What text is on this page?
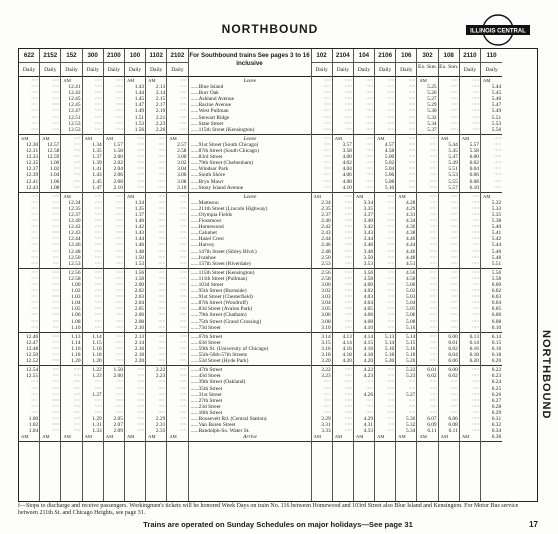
NORTHBOUND	ILLINOIS CENTRAL
NORTHBOUND
622
Daily
‧‧‧‧‧
‧‧‧‧‧
‧‧‧‧‧
‧‧‧‧‧
‧‧‧‧‧
‧‧‧‧‧
‧‧‧‧‧
‧‧‧‧‧
‧‧‧‧‧
AM
12.30
12.31
12.33
12.35
12.37
12.39
12.41
12.43
‧‧‧‧‧
‧‧‧‧‧
‧‧‧‧‧
‧‧‧‧‧
‧‧‧‧‧
‧‧‧‧‧
‧‧‧‧‧
‧‧‧‧‧
‧‧‧‧‧
‧‧‧‧‧
‧‧‧‧‧
‧‧‧‧‧
‧‧‧‧‧
‧‧‧‧‧
‧‧‧‧‧
‧‧‧‧‧
‧‧‧‧‧
‧‧‧‧‧
‧‧‧‧‧
‧‧‧‧‧
‧‧‧‧‧
‧‧‧‧‧
12.46
12.47
12.48
12.50
12.52
12.54
12.55
‧‧‧‧‧
‧‧‧‧‧
‧‧‧‧‧
‧‧‧‧‧
‧‧‧‧‧
‧‧‧‧‧
1.00
1.02
1.04
AM
2152
Daily
‧‧‧‧‧
‧‧‧‧‧
‧‧‧‧‧
‧‧‧‧‧
‧‧‧‧‧
‧‧‧‧‧
‧‧‧‧‧
‧‧‧‧‧
‧‧‧‧‧
AM
12.57
12.58
12.59
1.00
1.02
1.04
1.06
1.08
‧‧‧‧‧
‧‧‧‧‧
‧‧‧‧‧
‧‧‧‧‧
‧‧‧‧‧
‧‧‧‧‧
‧‧‧‧‧
‧‧‧‧‧
‧‧‧‧‧
‧‧‧‧‧
‧‧‧‧‧
‧‧‧‧‧
‧‧‧‧‧
‧‧‧‧‧
‧‧‧‧‧
‧‧‧‧‧
‧‧‧‧‧
‧‧‧‧‧
‧‧‧‧‧
‧‧‧‧‧
‧‧‧‧‧
‧‧‧‧‧
‧‧‧‧‧
‧‧‧‧‧
‧‧‧‧‧
‧‧‧‧‧
‧‧‧‧‧
‧‧‧‧‧
‧‧‧‧‧
‧‧‧‧‧
‧‧‧‧‧
‧‧‧‧‧
‧‧‧‧‧
‧‧‧‧‧
‧‧‧‧‧
‧‧‧‧‧
‧‧‧‧‧
‧‧‧‧‧
AM
152
Daily
AM
12.41
12.42
12.45
12.45
12.47
12.51
12.53
12.53
‧‧‧‧‧
‧‧‧‧‧
‧‧‧‧‧
‧‧‧‧‧
‧‧‧‧‧
‧‧‧‧‧
‧‧‧‧‧
‧‧‧‧‧
‧‧‧‧‧
AM
12.34
12.35
12.37
12.40
12.42
12.43
12.44
12.46
12.48
12.50
12.53
12.56
12.58
1.00
1.02
1.03
1.04
1.05
1.06
1.08
1.10
1.13
1.14
1.16
1.18
1.20
‧‧‧‧‧
‧‧‧‧‧
‧‧‧‧‧
‧‧‧‧‧
‧‧‧‧‧
‧‧‧‧‧
‧‧‧‧‧
‧‧‧‧‧
‧‧‧‧‧
‧‧‧‧‧
‧‧‧‧‧
AM
300
Daily
‧‧‧‧‧
‧‧‧‧‧
‧‧‧‧‧
‧‧‧‧‧
‧‧‧‧‧
‧‧‧‧‧
‧‧‧‧‧
‧‧‧‧‧
‧‧‧‧‧
AM
1.34
1.35
1.37
1.39
1.41
1.43
1.45
1.47
‧‧‧‧‧
‧‧‧‧‧
‧‧‧‧‧
‧‧‧‧‧
‧‧‧‧‧
‧‧‧‧‧
‧‧‧‧‧
‧‧‧‧‧
‧‧‧‧‧
‧‧‧‧‧
‧‧‧‧‧
‧‧‧‧‧
‧‧‧‧‧
‧‧‧‧‧
‧‧‧‧‧
‧‧‧‧‧
‧‧‧‧‧
‧‧‧‧‧
‧‧‧‧‧
‧‧‧‧‧
‧‧‧‧‧
‧‧‧‧‧
1.14
1.15
1.16
1.18
1.20
1.22
1.23
‧‧‧‧‧
‧‧‧‧‧
1.27
‧‧‧‧‧
‧‧‧‧‧
‧‧‧‧‧
1.29
1.31
1.33
AM
2100
Daily
‧‧‧‧‧
‧‧‧‧‧
‧‧‧‧‧
‧‧‧‧‧
‧‧‧‧‧
‧‧‧‧‧
‧‧‧‧‧
‧‧‧‧‧
‧‧‧‧‧
AM
1.57
1.58
2.00
2.02
2.04
2.06
2.08
2.10
‧‧‧‧‧
‧‧‧‧‧
‧‧‧‧‧
‧‧‧‧‧
‧‧‧‧‧
‧‧‧‧‧
‧‧‧‧‧
‧‧‧‧‧
‧‧‧‧‧
‧‧‧‧‧
‧‧‧‧‧
‧‧‧‧‧
‧‧‧‧‧
‧‧‧‧‧
‧‧‧‧‧
‧‧‧‧‧
‧‧‧‧‧
‧‧‧‧‧
‧‧‧‧‧
‧‧‧‧‧
‧‧‧‧‧
‧‧‧‧‧
‧‧‧‧‧
‧‧‧‧‧
‧‧‧‧‧
‧‧‧‧‧
‧‧‧‧‧
1.58
2.00
‧‧‧‧‧
‧‧‧‧‧
‧‧‧‧‧
‧‧‧‧‧
‧‧‧‧‧
‧‧‧‧‧
2.05
2.07
2.09
AM
100
Daily
AM
1.43
1.44
1.45
1.47
1.49
1.51
1.53
1.56
‧‧‧‧‧
‧‧‧‧‧
‧‧‧‧‧
‧‧‧‧‧
‧‧‧‧‧
‧‧‧‧‧
‧‧‧‧‧
‧‧‧‧‧
‧‧‧‧‧
AM
1.34
1.35
1.37
1.40
1.42
1.43
1.44
1.46
1.48
1.50
1.53
1.56
1.58
2.00
2.02
2.03
2.04
2.05
2.06
2.08
2.10
2.13
2.14
2.16
2.18
2.20
‧‧‧‧‧
‧‧‧‧‧
‧‧‧‧‧
‧‧‧‧‧
‧‧‧‧‧
‧‧‧‧‧
‧‧‧‧‧
‧‧‧‧‧
‧‧‧‧‧
‧‧‧‧‧
‧‧‧‧‧
AM
1102
Daily
AM
2.13
2.14
2.15
2.17
2.19
2.21
2.23
2.26
‧‧‧‧‧
‧‧‧‧‧
‧‧‧‧‧
‧‧‧‧‧
‧‧‧‧‧
‧‧‧‧‧
‧‧‧‧‧
‧‧‧‧‧
‧‧‧‧‧
‧‧‧‧‧
‧‧‧‧‧
‧‧‧‧‧
‧‧‧‧‧
‧‧‧‧‧
‧‧‧‧‧
‧‧‧‧‧
‧‧‧‧‧
‧‧‧‧‧
‧‧‧‧‧
‧‧‧‧‧
‧‧‧‧‧
‧‧‧‧‧
‧‧‧‧‧
‧‧‧‧‧
‧‧‧‧‧
‧‧‧‧‧
‧‧‧‧‧
‧‧‧‧‧
‧‧‧‧‧
‧‧‧‧‧
‧‧‧‧‧
‧‧‧‧‧
‧‧‧‧‧
‧‧‧‧‧
‧‧‧‧‧
‧‧‧‧‧
2.22
2.23
‧‧‧‧‧
‧‧‧‧‧
‧‧‧‧‧
‧‧‧‧‧
‧‧‧‧‧
‧‧‧‧‧
2.29
2.31
2.33
AM
2102
Daily
‧‧‧‧‧
‧‧‧‧‧
‧‧‧‧‧
‧‧‧‧‧
‧‧‧‧‧
‧‧‧‧‧
‧‧‧‧‧
‧‧‧‧‧
‧‧‧‧‧
AM
2.57
2.58
3.00
3.02
3.04
3.06
3.08
3.10
‧‧‧‧‧
‧‧‧‧‧
‧‧‧‧‧
‧‧‧‧‧
‧‧‧‧‧
‧‧‧‧‧
‧‧‧‧‧
‧‧‧‧‧
‧‧‧‧‧
‧‧‧‧‧
‧‧‧‧‧
‧‧‧‧‧
‧‧‧‧‧
‧‧‧‧‧
‧‧‧‧‧
‧‧‧‧‧
‧‧‧‧‧
‧‧‧‧‧
‧‧‧‧‧
‧‧‧‧‧
‧‧‧‧‧
‧‧‧‧‧
‧‧‧‧‧
‧‧‧‧‧
‧‧‧‧‧
‧‧‧‧‧
‧‧‧‧‧
‧‧‧‧‧
‧‧‧‧‧
‧‧‧‧‧
‧‧‧‧‧
‧‧‧‧‧
‧‧‧‧‧
‧‧‧‧‧
‧‧‧‧‧
‧‧‧‧‧
‧‧‧‧‧
‧‧‧‧‧
AM
For Southbound trains See pages 3 to 16 inclusive
Leave
......Blue Island
......Burr Oak
......Ashland Avenue
......Racine Avenue
......West Pullman
......Stewart Ridge
......State Street
......115th Street (Kensington)
Leave
......91st Street (South Chicago)
......87th Street (South Chicago)
......83rd Street
......79th Street (Cheltenham)
......Windsor Park
......South Shore
......Bryn Mawr
......Stony Island Avenue
Leave
......Matteson
......211th Street (Lincoln Highway)
......Olympia Fields
......Flossmoor
......Homewood
......Calumet
......Hazel Crest
......Harvey
......147th Street (Sibley Blvd.)
......Ivanhoe
......137th Street (Riverdale)
......115th Street (Kensington)
......111th Street (Pullman)
......103d Street
......95th Street (Burnside)
......91st Street (Chesterfield)
......87th Street (Woodruff)
......83d Street (Avalon Park)
......79th Street (Chatham)
......75th Street (Grand Crossing)
......73d Street
......67th Street
......63d Street
......59th St. (University of Chicago)
......55th-56th-57th Streets
......53d Street (Hyde Park)
......47th Street
......43d Street
......39th Street (Oakland)
......35th Street
......31st Street
......27th Street
......23d Street
......18th Street
......Roosevelt Rd. (Central Station)
......Van Buren Street
......Randolph-So. Water St.
Arrive
102
Daily
‧‧‧‧‧
‧‧‧‧‧
‧‧‧‧‧
‧‧‧‧‧
‧‧‧‧‧
‧‧‧‧‧
‧‧‧‧‧
‧‧‧‧‧
‧‧‧‧‧
‧‧‧‧‧
‧‧‧‧‧
‧‧‧‧‧
‧‧‧‧‧
‧‧‧‧‧
‧‧‧‧‧
‧‧‧‧‧
‧‧‧‧‧
‧‧‧‧‧
AM
2.34
2.35
2.37
2.40
2.42
2.43
2.44
2.46
2.48
2.50
2.53
2.56
2.58
3.00
3.02
3.03
3.04
3.05
3.06
3.08
3.10
3.14
3.15
3.16
3.18
3.20
3.22
3.23
‧‧‧‧‧
‧‧‧‧‧
‧‧‧‧‧
‧‧‧‧‧
‧‧‧‧‧
‧‧‧‧‧
3.29
3.31
3.33
AM
2104
Daily
‧‧‧‧‧
‧‧‧‧‧
‧‧‧‧‧
‧‧‧‧‧
‧‧‧‧‧
‧‧‧‧‧
‧‧‧‧‧
‧‧‧‧‧
‧‧‧‧‧
AM
3.57
3.58
4.00
4.02
4.04
4.06
4.08
4.10
‧‧‧‧‧
‧‧‧‧‧
‧‧‧‧‧
‧‧‧‧‧
‧‧‧‧‧
‧‧‧‧‧
‧‧‧‧‧
‧‧‧‧‧
‧‧‧‧‧
‧‧‧‧‧
‧‧‧‧‧
‧‧‧‧‧
‧‧‧‧‧
‧‧‧‧‧
‧‧‧‧‧
‧‧‧‧‧
‧‧‧‧‧
‧‧‧‧‧
‧‧‧‧‧
‧‧‧‧‧
‧‧‧‧‧
‧‧‧‧‧
4.13
4.14
4.16
4.18
4.20
‧‧‧‧‧
‧‧‧‧‧
‧‧‧‧‧
‧‧‧‧‧
‧‧‧‧‧
‧‧‧‧‧
‧‧‧‧‧
‧‧‧‧‧
‧‧‧‧‧
‧‧‧‧‧
‧‧‧‧‧
AM
104
Daily
‧‧‧‧‧
‧‧‧‧‧
‧‧‧‧‧
‧‧‧‧‧
‧‧‧‧‧
‧‧‧‧‧
‧‧‧‧‧
‧‧‧‧‧
‧‧‧‧‧
‧‧‧‧‧
‧‧‧‧‧
‧‧‧‧‧
‧‧‧‧‧
‧‧‧‧‧
‧‧‧‧‧
‧‧‧‧‧
‧‧‧‧‧
‧‧‧‧‧
AM
3.34
3.35
3.37
3.40
3.42
3.43
3.44
3.46
3.48
3.50
3.53
3.56
3.58
4.00
4.02
4.03
4.04
4.05
4.06
4.08
4.10
4.14
4.15
4.16
4.18
4.20
4.22
4.23
‧‧‧‧‧
‧‧‧‧‧
4.26
‧‧‧‧‧
‧‧‧‧‧
‧‧‧‧‧
4.29
4.31
4.33
AM
2106
Daily
‧‧‧‧‧
‧‧‧‧‧
‧‧‧‧‧
‧‧‧‧‧
‧‧‧‧‧
‧‧‧‧‧
‧‧‧‧‧
‧‧‧‧‧
‧‧‧‧‧
AM
4.57
4.58
5.00
5.02
5.04
5.06
5.08
5.10
‧‧‧‧‧
‧‧‧‧‧
‧‧‧‧‧
‧‧‧‧‧
‧‧‧‧‧
‧‧‧‧‧
‧‧‧‧‧
‧‧‧‧‧
‧‧‧‧‧
‧‧‧‧‧
‧‧‧‧‧
‧‧‧‧‧
‧‧‧‧‧
‧‧‧‧‧
‧‧‧‧‧
‧‧‧‧‧
‧‧‧‧‧
‧‧‧‧‧
‧‧‧‧‧
‧‧‧‧‧
‧‧‧‧‧
‧‧‧‧‧
5.13
5.14
5.16
5.18
5.20
‧‧‧‧‧
‧‧‧‧‧
‧‧‧‧‧
‧‧‧‧‧
‧‧‧‧‧
‧‧‧‧‧
‧‧‧‧‧
‧‧‧‧‧
‧‧‧‧‧
‧‧‧‧‧
‧‧‧‧‧
AM
106
Daily
‧‧‧‧‧
‧‧‧‧‧
‧‧‧‧‧
‧‧‧‧‧
‧‧‧‧‧
‧‧‧‧‧
‧‧‧‧‧
‧‧‧‧‧
‧‧‧‧‧
‧‧‧‧‧
‧‧‧‧‧
‧‧‧‧‧
‧‧‧‧‧
‧‧‧‧‧
‧‧‧‧‧
‧‧‧‧‧
‧‧‧‧‧
‧‧‧‧‧
AM
4.28
4.29
4.31
4.34
4.36
4.38
4.40
4.44
4.46
4.48
4.51
4.56
4.58
5.00
5.02
5.03
5.04
5.05
5.06
5.08
5.10
5.14
5.15
5.16
5.18
5.20
5.22
5.23
‧‧‧‧‧
‧‧‧‧‧
5.27
‧‧‧‧‧
‧‧‧‧‧
‧‧‧‧‧
5.30
5.32
5.34
AM
302
Ex. Sun.
AM
5.25
5.26
5.27
5.29
5.30
5.32
5.34
5.37
‧‧‧‧‧
‧‧‧‧‧
‧‧‧‧‧
‧‧‧‧‧
‧‧‧‧‧
‧‧‧‧‧
‧‧‧‧‧
‧‧‧‧‧
‧‧‧‧‧
‧‧‧‧‧
‧‧‧‧‧
‧‧‧‧‧
‧‧‧‧‧
‧‧‧‧‧
‧‧‧‧‧
‧‧‧‧‧
‧‧‧‧‧
‧‧‧‧‧
‧‧‧‧‧
‧‧‧‧‧
‧‧‧‧‧
‧‧‧‧‧
‧‧‧‧‧
‧‧‧‧‧
‧‧‧‧‧
‧‧‧‧‧
‧‧‧‧‧
‧‧‧‧‧
‧‧‧‧‧
‧‧‧‧‧
‧‧‧‧‧
‧‧‧‧‧
‧‧‧‧‧
‧‧‧‧‧
‧‧‧‧‧
‧‧‧‧‧
6.01
6.02
‧‧‧‧‧
‧‧‧‧‧
‧‧‧‧‧
‧‧‧‧‧
‧‧‧‧‧
‧‧‧‧‧
6.07
6.09
6.11
AM
108
Ex. Sun.
‧‧‧‧‧
‧‧‧‧‧
‧‧‧‧‧
‧‧‧‧‧
‧‧‧‧‧
‧‧‧‧‧
‧‧‧‧‧
‧‧‧‧‧
‧‧‧‧‧
AM
5.44
5.45
5.47
5.49
5.51
5.53
5.55
5.57
‧‧‧‧‧
‧‧‧‧‧
‧‧‧‧‧
‧‧‧‧‧
‧‧‧‧‧
‧‧‧‧‧
‧‧‧‧‧
‧‧‧‧‧
‧‧‧‧‧
‧‧‧‧‧
‧‧‧‧‧
‧‧‧‧‧
‧‧‧‧‧
‧‧‧‧‧
‧‧‧‧‧
‧‧‧‧‧
‧‧‧‧‧
‧‧‧‧‧
‧‧‧‧‧
‧‧‧‧‧
‧‧‧‧‧
‧‧‧‧‧
6.00
6.01
6.02
6.04
6.06
6.00
6.02
‧‧‧‧‧
‧‧‧‧‧
‧‧‧‧‧
‧‧‧‧‧
‧‧‧‧‧
‧‧‧‧‧
6.06
6.08
6.11
AM
2110
Daily
‧‧‧‧‧
‧‧‧‧‧
‧‧‧‧‧
‧‧‧‧‧
‧‧‧‧‧
‧‧‧‧‧
‧‧‧‧‧
‧‧‧‧‧
‧‧‧‧‧
AM
5.57
5.58
6.00
6.02
6.04
6.06
6.08
6.10
‧‧‧‧‧
‧‧‧‧‧
‧‧‧‧‧
‧‧‧‧‧
‧‧‧‧‧
‧‧‧‧‧
‧‧‧‧‧
‧‧‧‧‧
‧‧‧‧‧
‧‧‧‧‧
‧‧‧‧‧
‧‧‧‧‧
‧‧‧‧‧
‧‧‧‧‧
‧‧‧‧‧
‧‧‧‧‧
‧‧‧‧‧
‧‧‧‧‧
‧‧‧‧‧
‧‧‧‧‧
‧‧‧‧‧
‧‧‧‧‧
6.13
6.14
6.16
6.18
6.20
‧‧‧‧‧
‧‧‧‧‧
‧‧‧‧‧
‧‧‧‧‧
‧‧‧‧‧
‧‧‧‧‧
‧‧‧‧‧
‧‧‧‧‧
‧‧‧‧‧
‧‧‧‧‧
‧‧‧‧‧
AM
110
Daily
AM
5.44
5.45
5.46
5.47
5.49
5.51
5.53
5.56
‧‧‧‧‧
‧‧‧‧‧
‧‧‧‧‧
‧‧‧‧‧
‧‧‧‧‧
‧‧‧‧‧
‧‧‧‧‧
‧‧‧‧‧
‧‧‧‧‧
AM
5.32
5.33
5.35
5.38
5.40
5.41
5.42
5.44
5.46
5.48
5.51
5.56
5.58
6.00
6.02
6.03
6.04
6.05
6.06
6.08
6.10
6.14
6.15
6.16
6.18
6.20
6.22
6.23
6.24
6.25
6.26
6.27
6.28
6.29
6.31
6.32
6.34
6.36
f—Stops to discharge and receive passengers. Workingmen's tickets will be honored Week Days on train No. 116 between Homewood and 103rd Street also Blue Island and Kensington. For Motor Bus service between 211th St. and Chicago Heights, see page 31.
Trains are operated on Sunday Schedules on major holidays—See page 31	17
